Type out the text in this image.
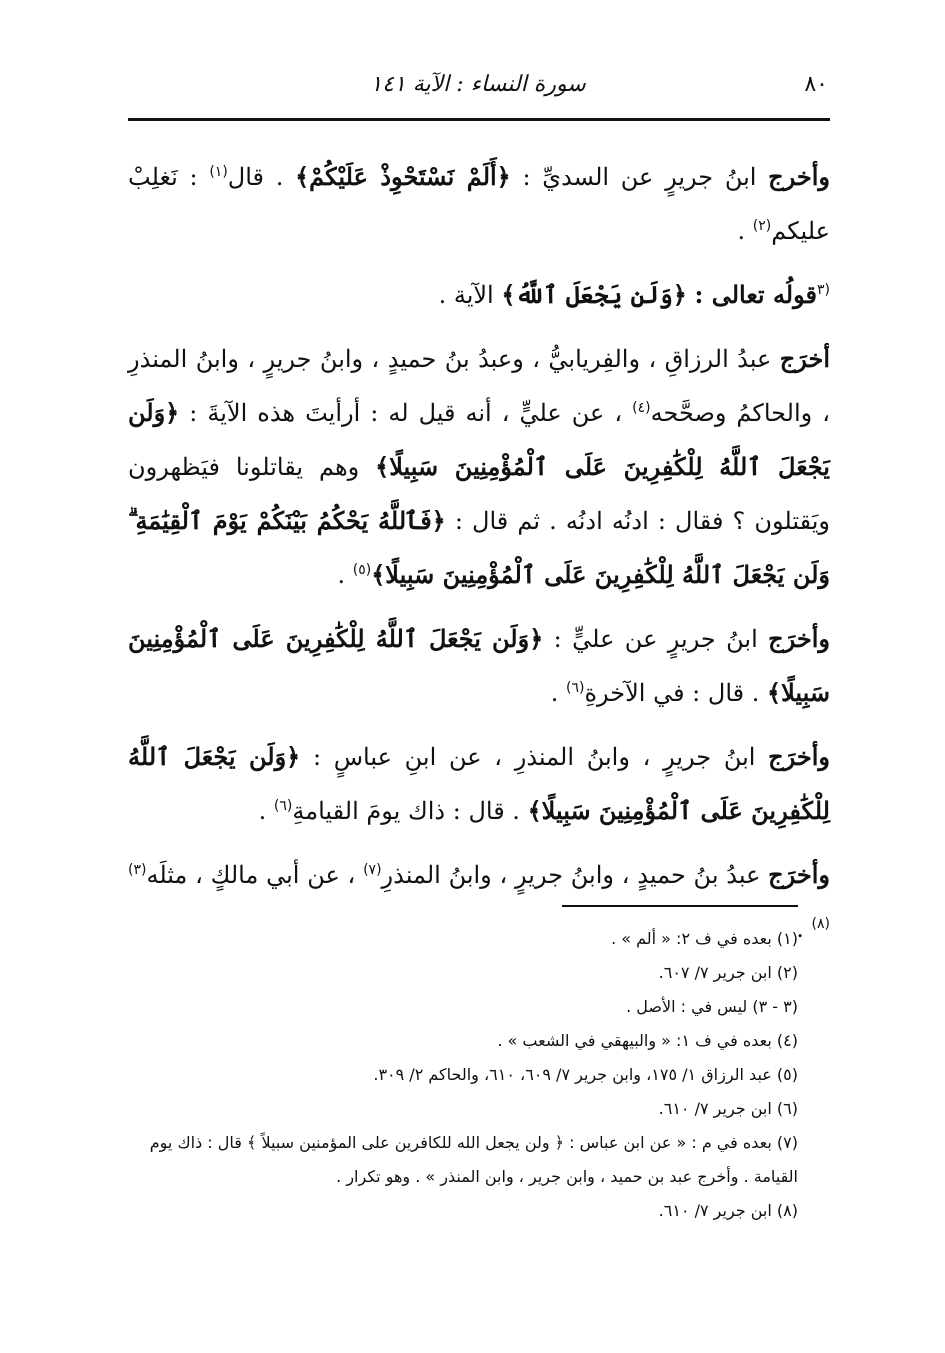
٨٠
سورة النساء : الآية ١٤١

وأخرج ابنُ جريرٍ عن السديِّ : ﴿أَلَمْ نَسْتَحْوِذْ عَلَيْكُمْ﴾ . قال$^{(١)}$ : نَغلِبْ عليكم$^{(٢)}$ .

$^{(٣}$قولُه تعالى : ﴿وَلَن يَجْعَلَ ٱللَّهُ﴾ الآية .

أخرَج عبدُ الرزاقِ ، والفِريابيُّ ، وعبدُ بنُ حميدٍ ، وابنُ جريرٍ ، وابنُ المنذرِ ، والحاكمُ وصحَّحه$^{(٤)}$ ، عن عليٍّ ، أنه قيل له : أرأيتَ هذه الآيةَ : ﴿وَلَن يَجْعَلَ ٱللَّهُ لِلْكَٰفِرِينَ عَلَى ٱلْمُؤْمِنِينَ سَبِيلًا﴾ وهم يقاتلونا فيَظهرون ويَقتلون ؟ فقال : ادنُه ادنُه . ثم قال : ﴿فَٱللَّهُ يَحْكُمُ بَيْنَكُمْ يَوْمَ ٱلْقِيَٰمَةِ ۗ وَلَن يَجْعَلَ ٱللَّهُ لِلْكَٰفِرِينَ عَلَى ٱلْمُؤْمِنِينَ سَبِيلًا﴾$^{(٥)}$ .

وأخرَج ابنُ جريرٍ عن عليٍّ : ﴿وَلَن يَجْعَلَ ٱللَّهُ لِلْكَٰفِرِينَ عَلَى ٱلْمُؤْمِنِينَ سَبِيلًا﴾ . قال : في الآخرةِ$^{(٦)}$ .

وأخرَج ابنُ جريرٍ ، وابنُ المنذرِ ، عن ابنِ عباسٍ : ﴿وَلَن يَجْعَلَ ٱللَّهُ لِلْكَٰفِرِينَ عَلَى ٱلْمُؤْمِنِينَ سَبِيلًا﴾ . قال : ذاك يومَ القيامةِ$^{(٦)}$ .

وأخرَج عبدُ بنُ حميدٍ ، وابنُ جريرٍ ، وابنُ المنذرِ$^{(٧)}$ ، عن أبي مالكٍ ، مثلَه$^{(٣)(٨)}$ .

(١) بعده في ف ٢: « ألم » .

(٢) ابن جرير ٧/ ٦٠٧.

(٣ - ٣) ليس في : الأصل .

(٤) بعده في ف ١: « والبيهقي في الشعب » .

(٥) عبد الرزاق ١/ ١٧٥، وابن جرير ٧/ ٦٠٩، ٦١٠، والحاكم ٢/ ٣٠٩.

(٦) ابن جرير ٧/ ٦١٠.

(٧) بعده في م : « عن ابن عباس : ﴿ ولن يجعل الله للكافرين على المؤمنين سبيلاً ﴾ قال : ذاك يوم

القيامة . وأخرج عبد بن حميد ، وابن جرير ، وابن المنذر » . وهو تكرار .

(٨) ابن جرير ٧/ ٦١٠.
